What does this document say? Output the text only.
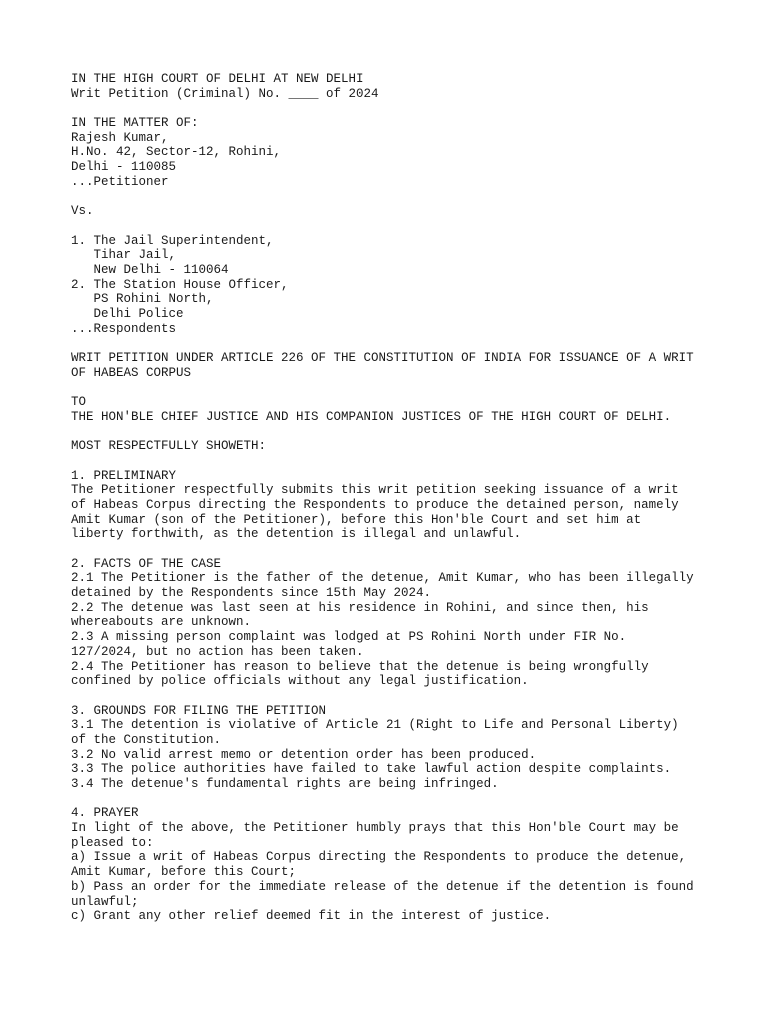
IN THE HIGH COURT OF DELHI AT NEW DELHI
Writ Petition (Criminal) No. ____ of 2024
IN THE MATTER OF:
Rajesh Kumar,
H.No. 42, Sector-12, Rohini,
Delhi - 110085
...Petitioner
Vs.
1. The Jail Superintendent,
Tihar Jail,
New Delhi - 110064
2. The Station House Officer,
PS Rohini North,
Delhi Police
...Respondents
WRIT PETITION UNDER ARTICLE 226 OF THE CONSTITUTION OF INDIA FOR ISSUANCE OF A WRIT
OF HABEAS CORPUS
TO
THE HON'BLE CHIEF JUSTICE AND HIS COMPANION JUSTICES OF THE HIGH COURT OF DELHI.
MOST RESPECTFULLY SHOWETH:
1. PRELIMINARY
The Petitioner respectfully submits this writ petition seeking issuance of a writ
of Habeas Corpus directing the Respondents to produce the detained person, namely
Amit Kumar (son of the Petitioner), before this Hon'ble Court and set him at
liberty forthwith, as the detention is illegal and unlawful.
2. FACTS OF THE CASE
2.1 The Petitioner is the father of the detenue, Amit Kumar, who has been illegally
detained by the Respondents since 15th May 2024.
2.2 The detenue was last seen at his residence in Rohini, and since then, his
whereabouts are unknown.
2.3 A missing person complaint was lodged at PS Rohini North under FIR No.
127/2024, but no action has been taken.
2.4 The Petitioner has reason to believe that the detenue is being wrongfully
confined by police officials without any legal justification.
3. GROUNDS FOR FILING THE PETITION
3.1 The detention is violative of Article 21 (Right to Life and Personal Liberty)
of the Constitution.
3.2 No valid arrest memo or detention order has been produced.
3.3 The police authorities have failed to take lawful action despite complaints.
3.4 The detenue's fundamental rights are being infringed.
4. PRAYER
In light of the above, the Petitioner humbly prays that this Hon'ble Court may be
pleased to:
a) Issue a writ of Habeas Corpus directing the Respondents to produce the detenue,
Amit Kumar, before this Court;
b) Pass an order for the immediate release of the detenue if the detention is found
unlawful;
c) Grant any other relief deemed fit in the interest of justice.
